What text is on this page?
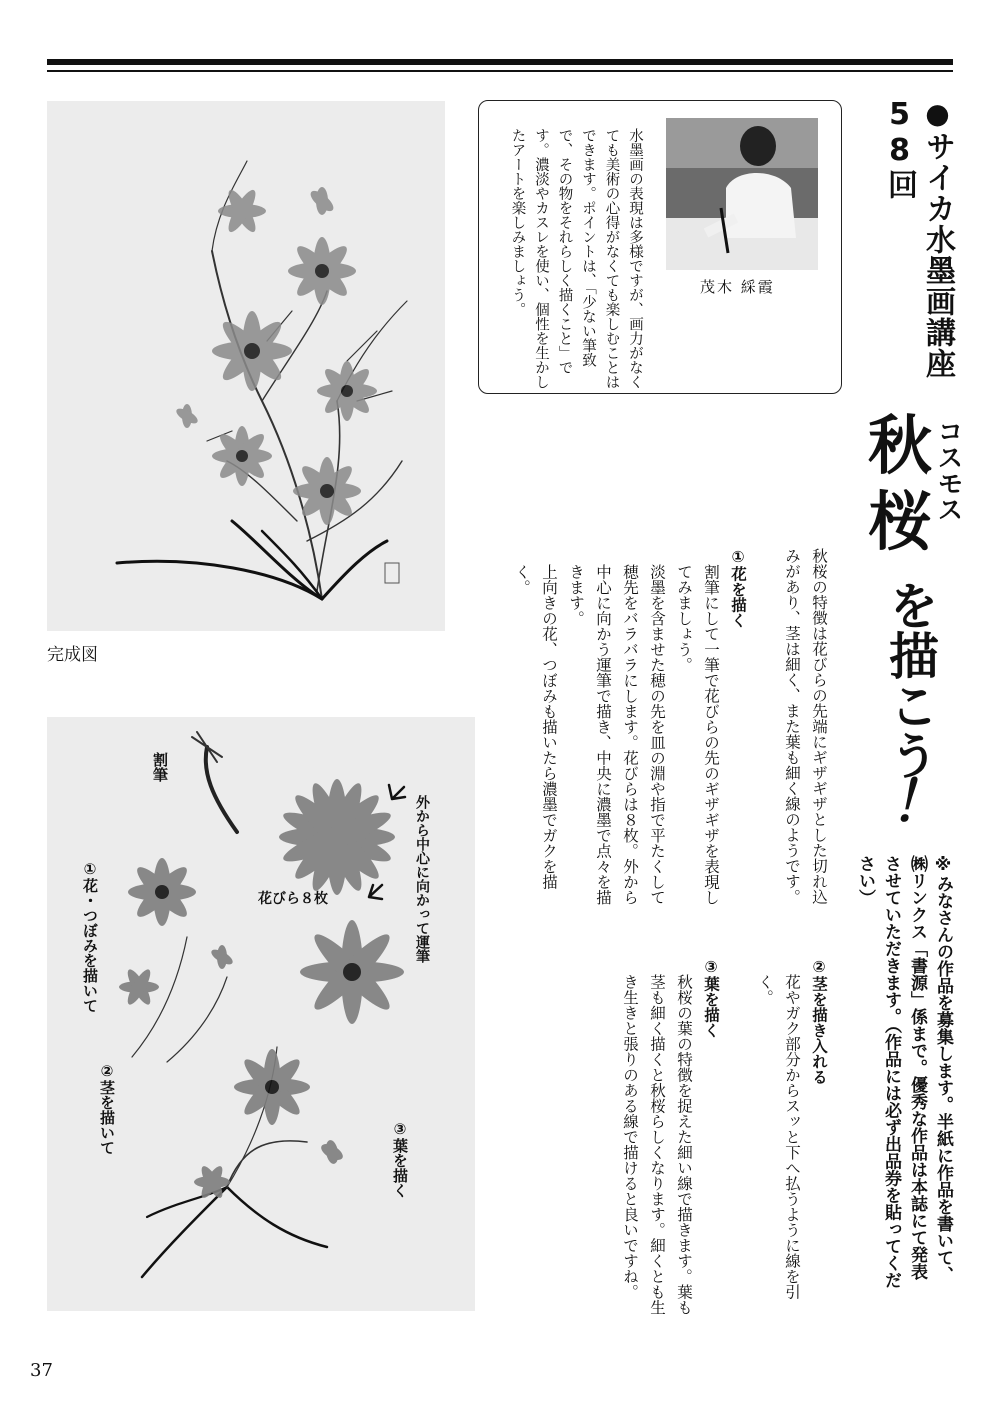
完成図
割筆
外から中心に向かって運筆
花びら８枚
①花・つぼみを描いて
②茎を描いて
③葉を描く
水墨画の表現は多様ですが、画力がなくても美術の心得がなくても楽しむことはできます。ポイントは、「少ない筆致で、その物をそれらしく描くこと」です。濃淡やカスレを使い、個性を生かしたアートを楽しみましょう。	茂木 綵霞
●サイカ水墨画講座58回
秋
桜
コスモス
を描こう
！
※みなさんの作品を募集します。半紙に作品を書いて、㈱リンクス「書源」係まで。優秀な作品は本誌にて発表させていただきます。（作品には必ず出品券を貼ってください）
秋桜の特徴は花びらの先端にギザギザとした切れ込みがあり、茎は細く、また葉も細く線のようです。
①花を描く
割筆にして一筆で花びらの先のギザギザを表現してみましょう。
淡墨を含ませた穂の先を皿の淵や指で平たくして穂先をバラバラにします。花びらは８枚。外から中心に向かう運筆で描き、中央に濃墨で点々を描きます。
上向きの花、つぼみも描いたら濃墨でガクを描く。
②茎を描き入れる
花やガク部分からスッと下へ払うように線を引く。
③葉を描く
秋桜の葉の特徴を捉えた細い線で描きます。葉も茎も細く描くと秋桜らしくなります。細くとも生き生きと張りのある線で描けると良いですね。
37
